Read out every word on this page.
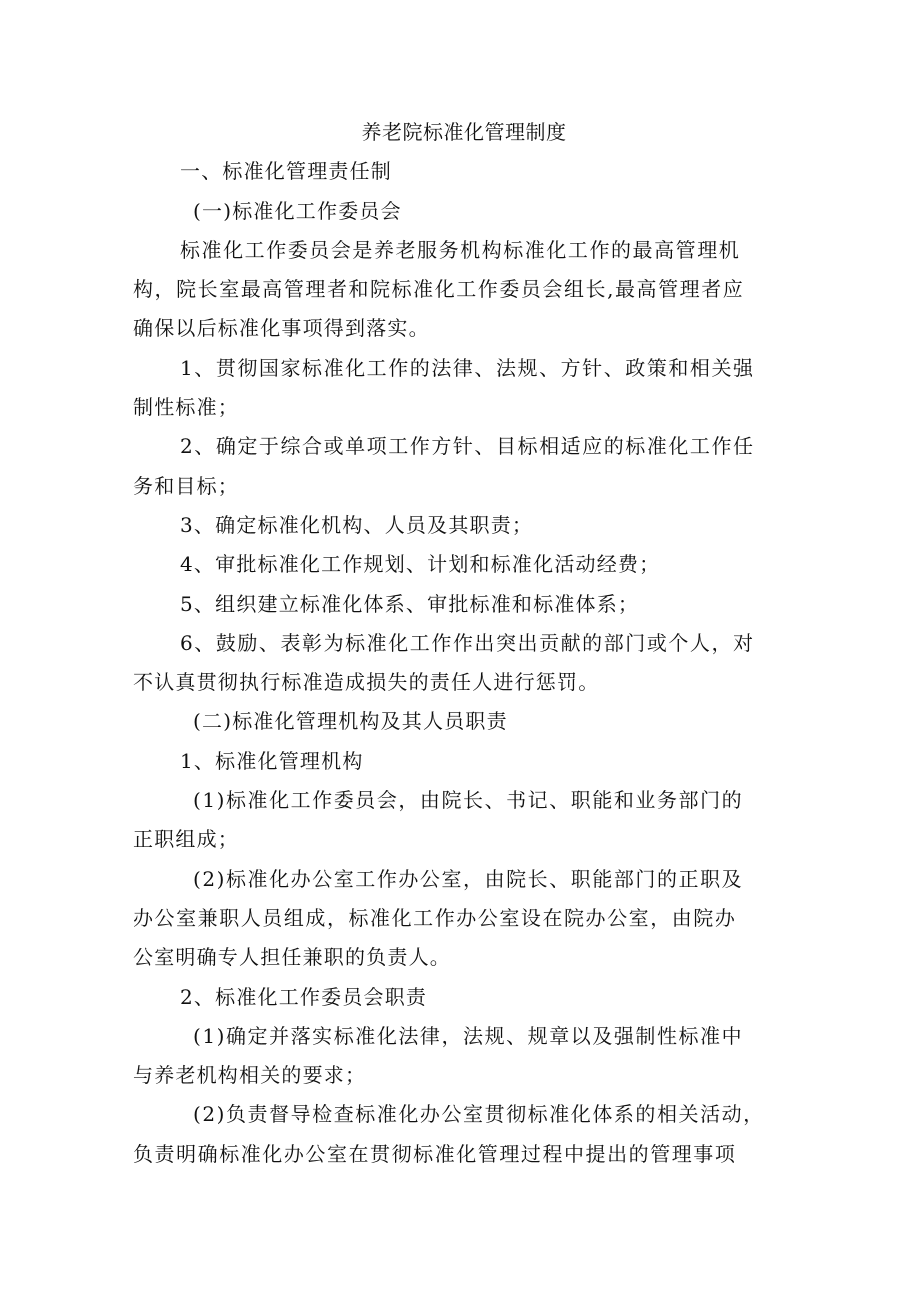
养老院标准化管理制度
一、标准化管理责任制
(一)标准化工作委员会
标准化工作委员会是养老服务机构标准化工作的最高管理机
构，院长室最高管理者和院标准化工作委员会组长,最高管理者应
确保以后标准化事项得到落实。
1、贯彻国家标准化工作的法律、法规、方针、政策和相关强
制性标准；
2、确定于综合或单项工作方针、目标相适应的标准化工作任
务和目标；
3、确定标准化机构、人员及其职责；
4、审批标准化工作规划、计划和标准化活动经费；
5、组织建立标准化体系、审批标准和标准体系；
6、鼓励、表彰为标准化工作作出突出贡献的部门或个人，对
不认真贯彻执行标准造成损失的责任人进行惩罚。
(二)标准化管理机构及其人员职责
1、标准化管理机构
(1)标准化工作委员会，由院长、书记、职能和业务部门的
正职组成；
(2)标准化办公室工作办公室，由院长、职能部门的正职及
办公室兼职人员组成，标准化工作办公室设在院办公室，由院办
公室明确专人担任兼职的负责人。
2、标准化工作委员会职责
(1)确定并落实标准化法律，法规、规章以及强制性标准中
与养老机构相关的要求；
(2)负责督导检查标准化办公室贯彻标准化体系的相关活动，
负责明确标准化办公室在贯彻标准化管理过程中提出的管理事项
